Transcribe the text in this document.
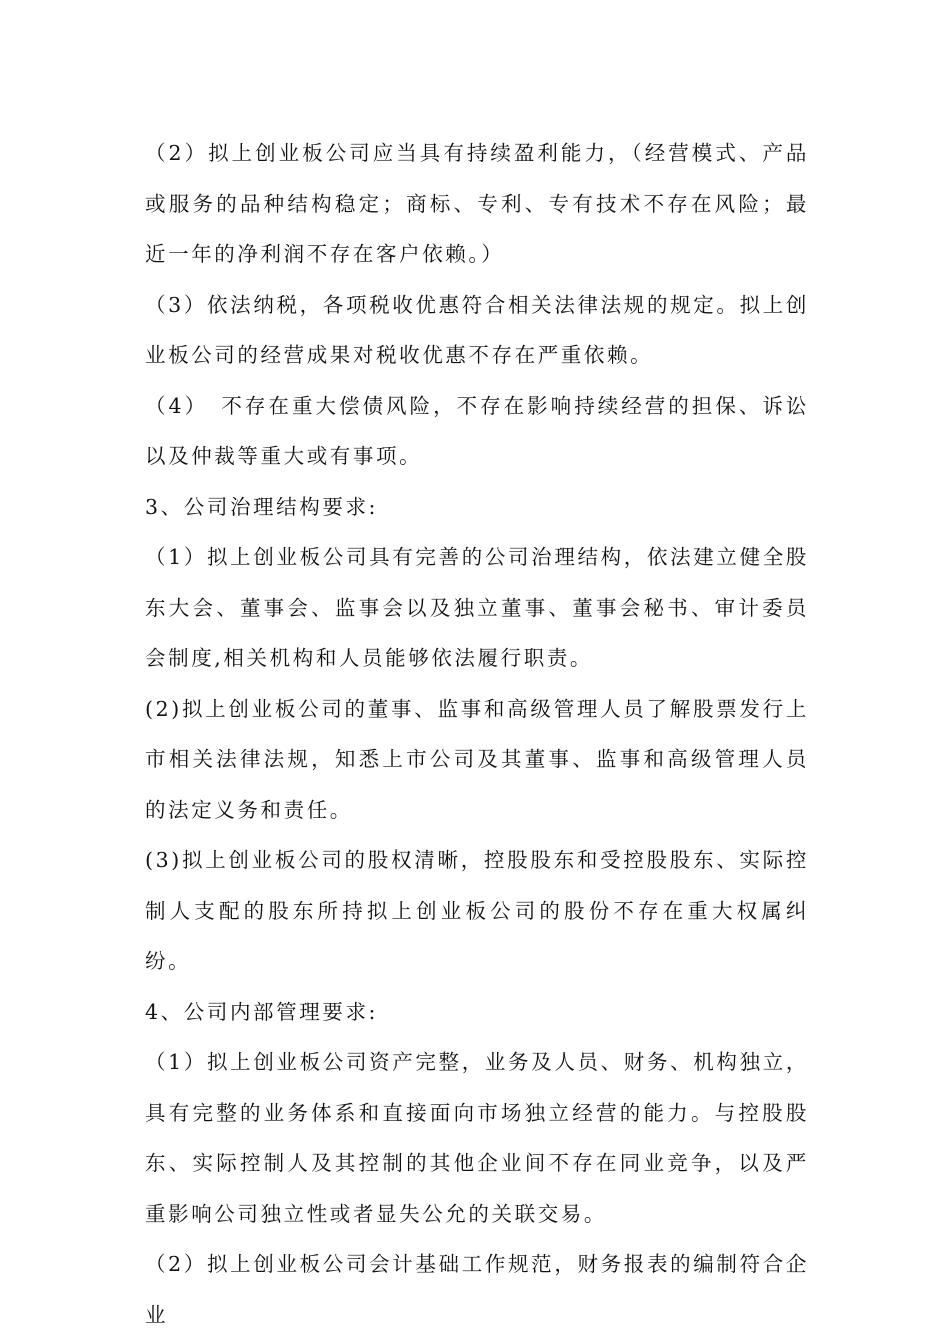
（2）拟上创业板公司应当具有持续盈利能力，（经营模式、产品或服务的品种结构稳定；商标、专利、专有技术不存在风险；最近一年的净利润不存在客户依赖。）

（3）依法纳税，各项税收优惠符合相关法律法规的规定。拟上创业板公司的经营成果对税收优惠不存在严重依赖。

（4）　不存在重大偿债风险，不存在影响持续经营的担保、诉讼以及仲裁等重大或有事项。

3、公司治理结构要求:

（1）拟上创业板公司具有完善的公司治理结构，依法建立健全股东大会、董事会、监事会以及独立董事、董事会秘书、审计委员会制度,相关机构和人员能够依法履行职责。

(2)拟上创业板公司的董事、监事和高级管理人员了解股票发行上市相关法律法规，知悉上市公司及其董事、监事和高级管理人员的法定义务和责任。

(3)拟上创业板公司的股权清晰，控股股东和受控股股东、实际控制人支配的股东所持拟上创业板公司的股份不存在重大权属纠纷。

4、公司内部管理要求:

（1）拟上创业板公司资产完整，业务及人员、财务、机构独立，具有完整的业务体系和直接面向市场独立经营的能力。与控股股东、实际控制人及其控制的其他企业间不存在同业竞争，以及严重影响公司独立性或者显失公允的关联交易。

（2）拟上创业板公司会计基础工作规范，财务报表的编制符合企业
